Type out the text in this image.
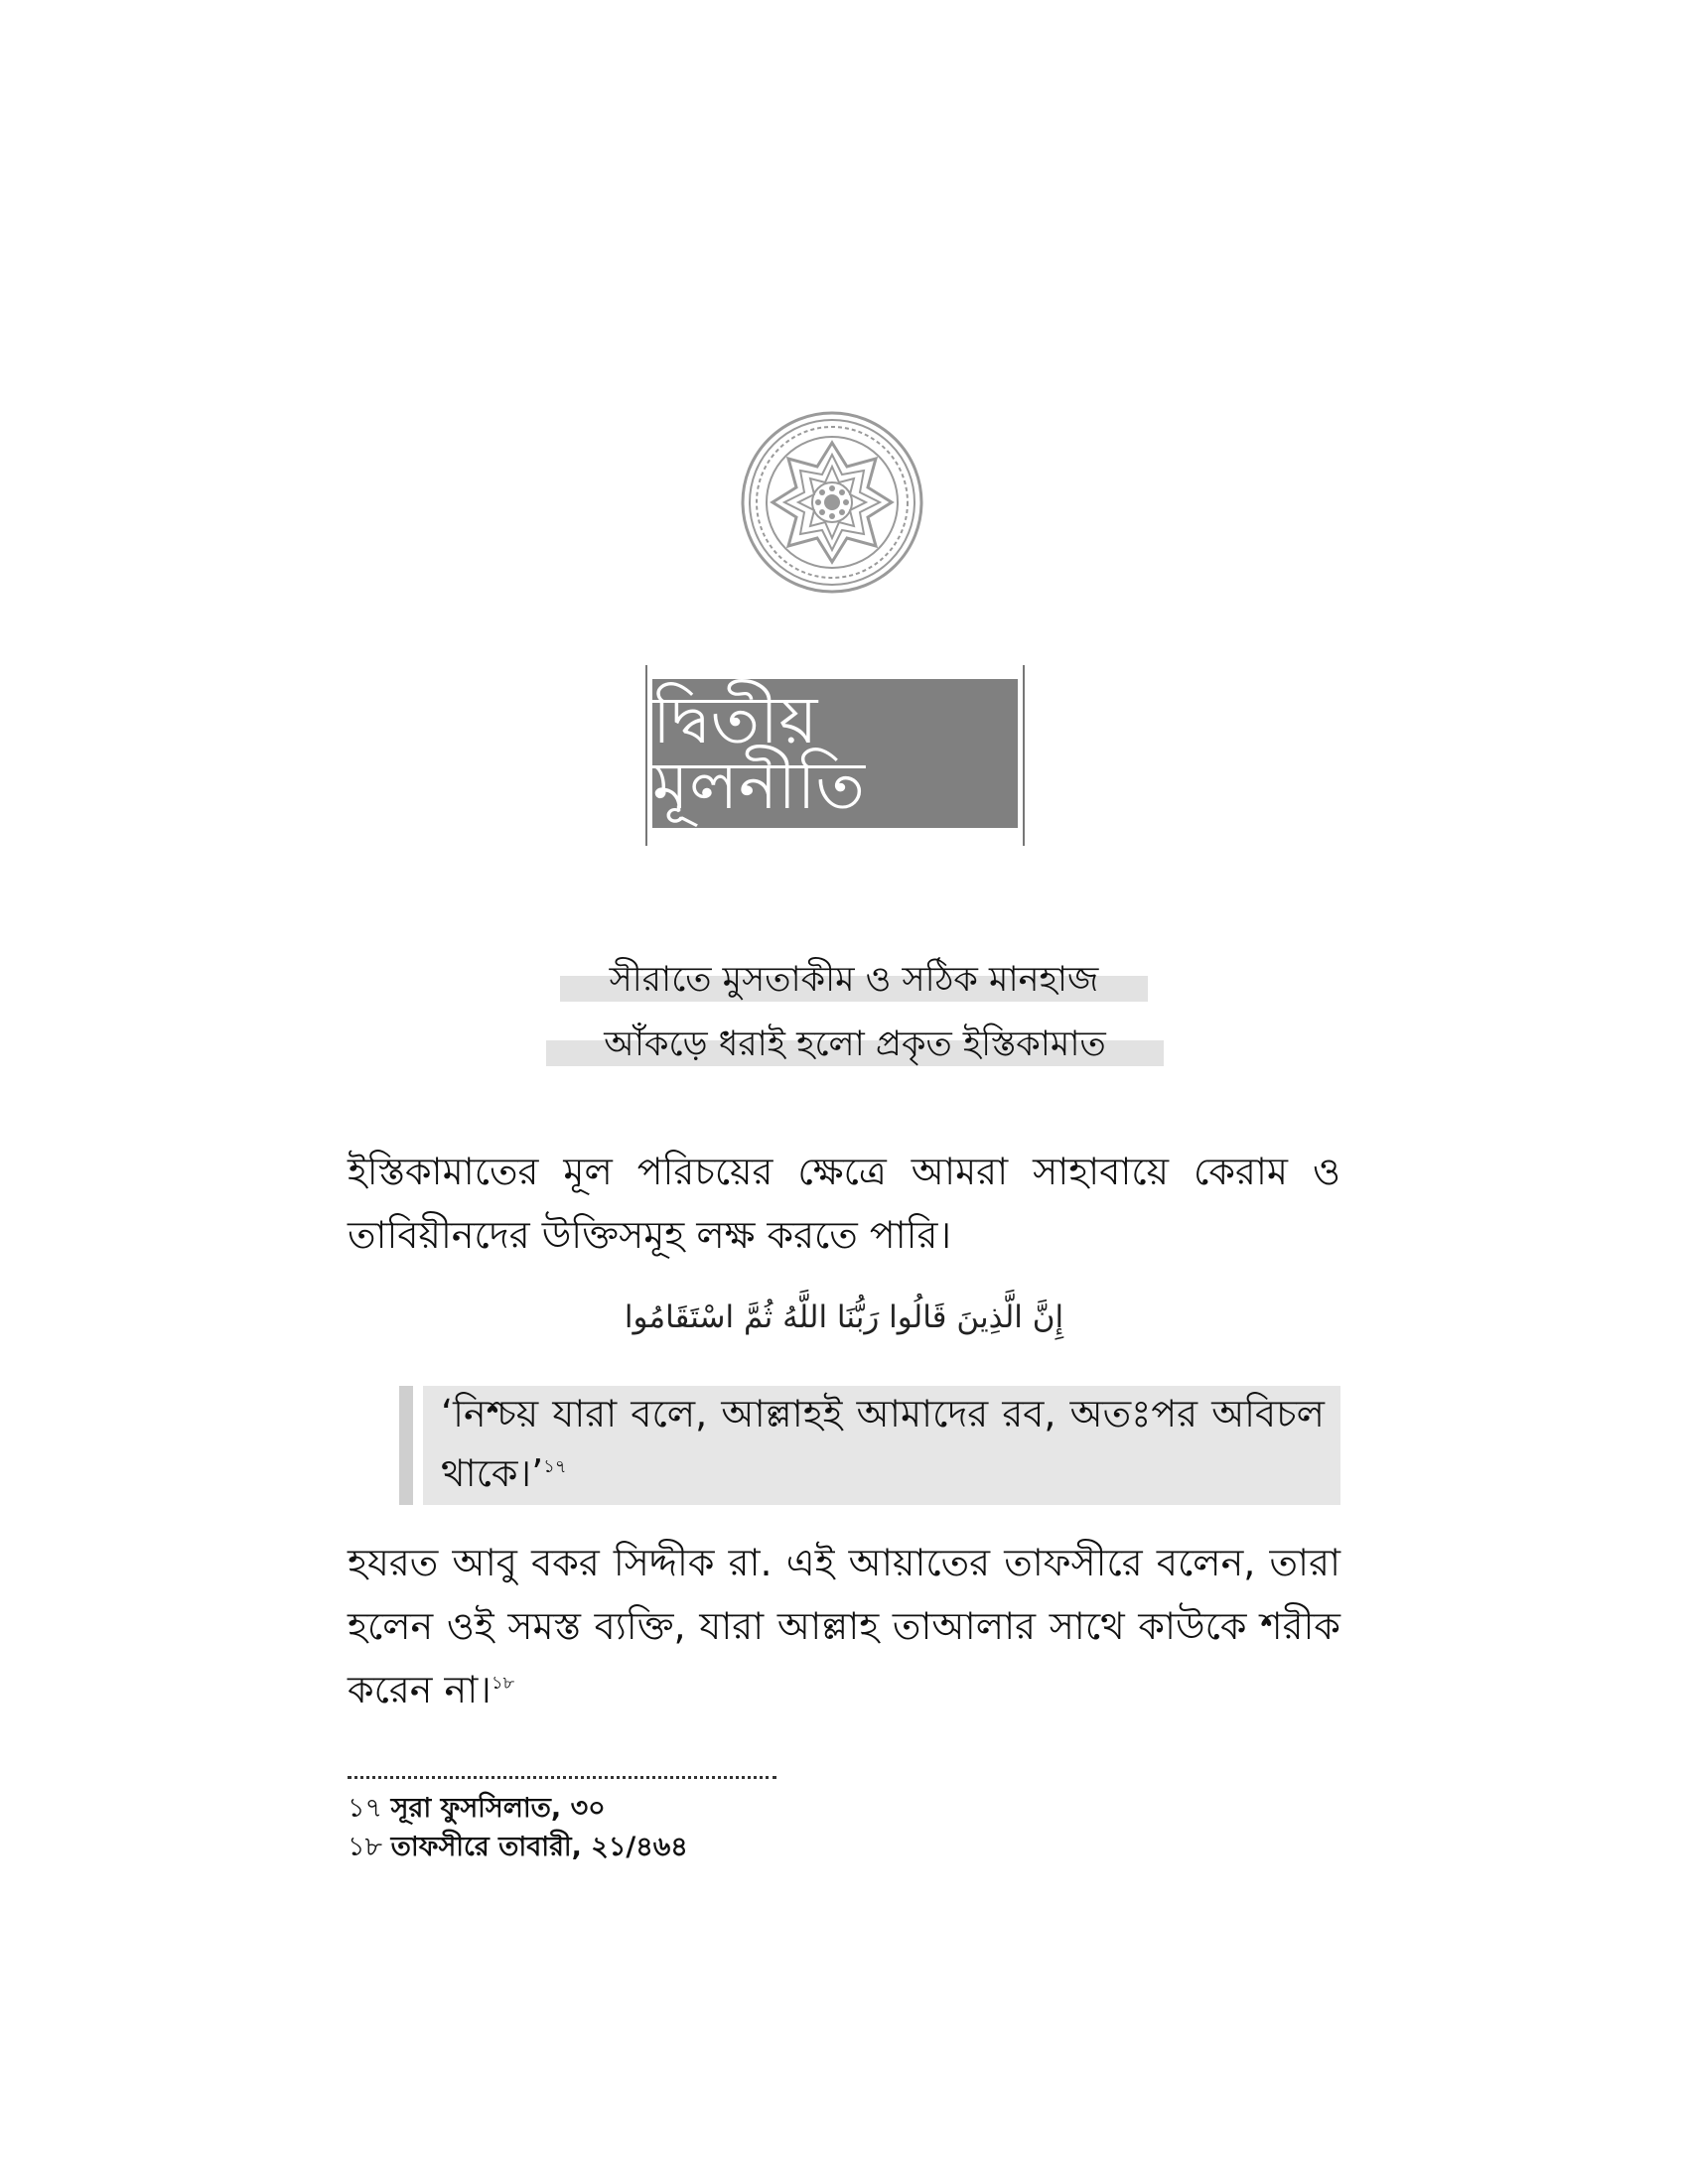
দ্বিতীয় মূলনীতি
সীরাতে মুসতাকীম ও সঠিক মানহাজ
আঁকড়ে ধরাই হলো প্রকৃত ইস্তিকামাত
ইস্তিকামাতের মূল পরিচয়ের ক্ষেত্রে আমরা সাহাবায়ে কেরাম ও তাবিয়ীনদের উক্তিসমূহ লক্ষ করতে পারি।
إِنَّ الَّذِينَ قَالُوا رَبُّنَا اللَّهُ ثُمَّ اسْتَقَامُوا
‘নিশ্চয় যারা বলে, আল্লাহই আমাদের রব, অতঃপর অবিচল থাকে।’$^{১৭}$
হযরত আবু বকর সিদ্দীক রা. এই আয়াতের তাফসীরে বলেন, তারা হলেন ওই সমস্ত ব্যক্তি, যারা আল্লাহ তাআলার সাথে কাউকে শরীক করেন না।$^{১৮}$
১৭ সূরা ফুসসিলাত, ৩০
১৮ তাফসীরে তাবারী, ২১/৪৬৪
